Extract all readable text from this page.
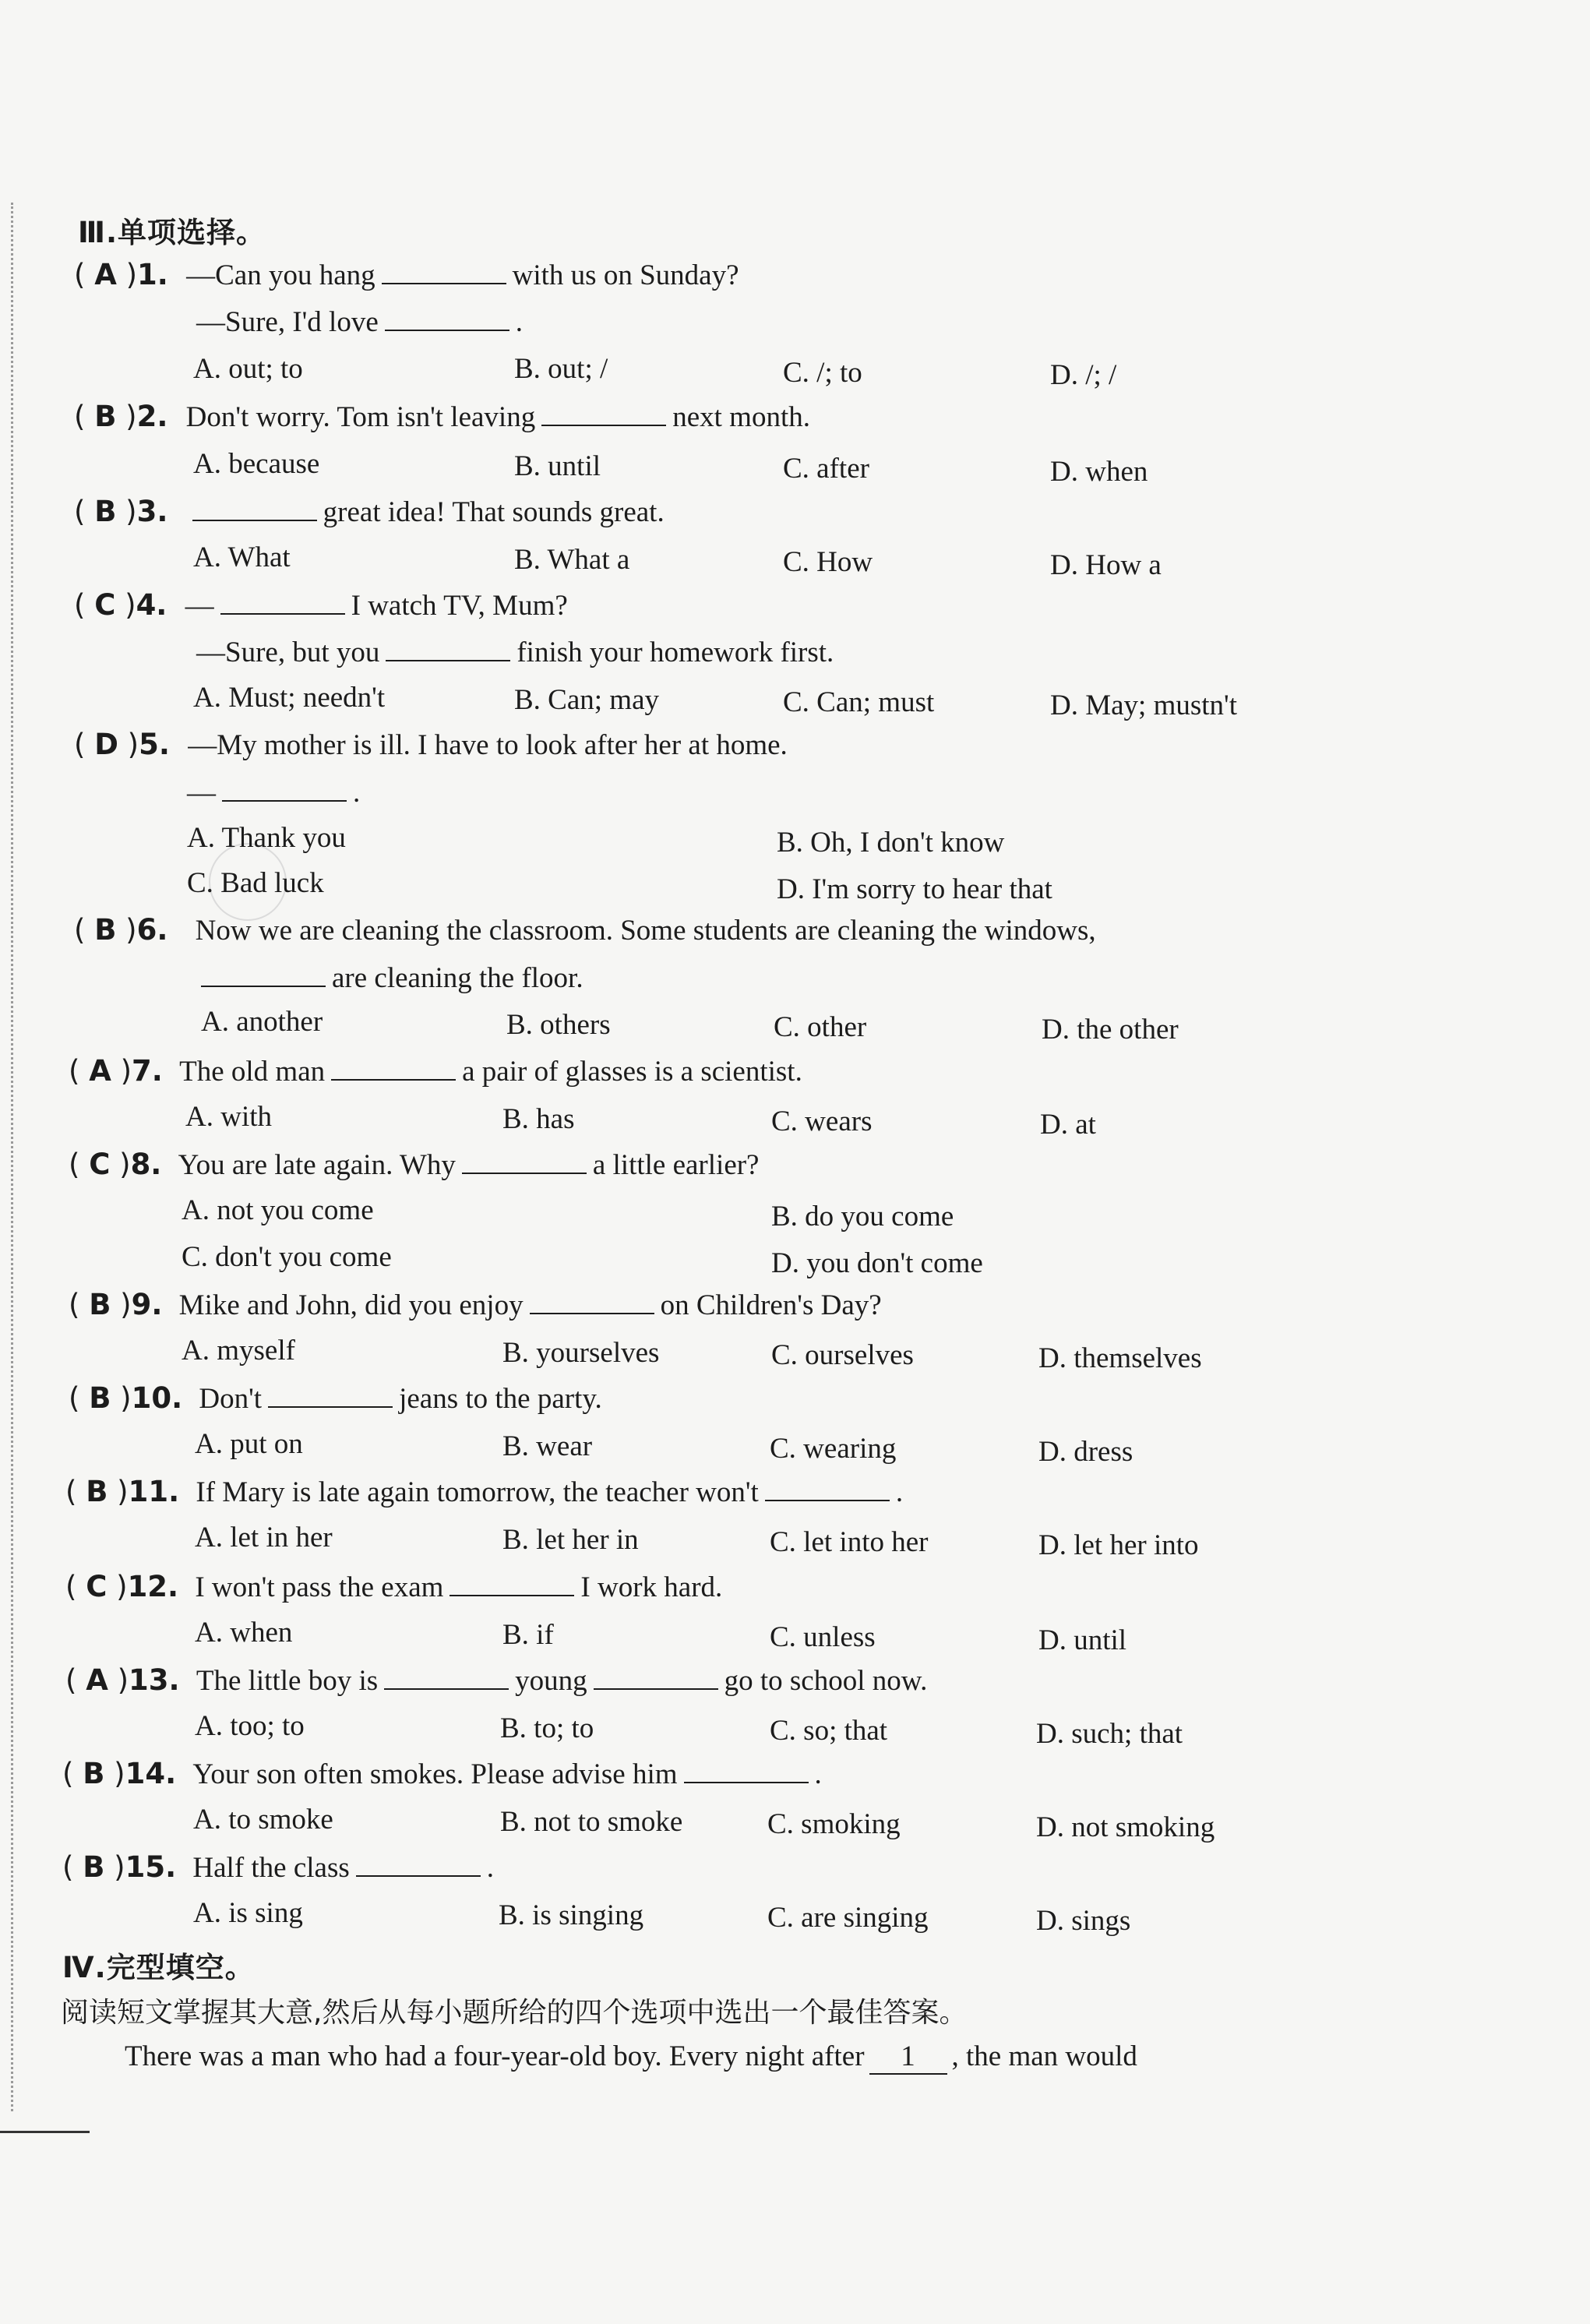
Ⅲ.单项选择。
( A )1. —Can you hang	with us on Sunday?
—Sure, I'd love	.
A. out; to	B. out; /	C. /; to	D. /; /
( B )2. Don't worry. Tom isn't leaving	next month.
A. because	B. until	C. after	D. when
( B )3.	great idea! That sounds great.
A. What	B. What a	C. How	D. How a
( C )4. —	I watch TV, Mum?
—Sure, but you	finish your homework first.
A. Must; needn't	B. Can; may	C. Can; must	D. May; mustn't
( D )5. —My mother is ill. I have to look after her at home.
—	.
A. Thank you	B. Oh, I don't know
C. Bad luck	D. I'm sorry to hear that
( B )6. Now we are cleaning the classroom. Some students are cleaning the windows,
are cleaning the floor.
A. another	B. others	C. other	D. the other
( A )7. The old man	a pair of glasses is a scientist.
A. with	B. has	C. wears	D. at
( C )8. You are late again. Why	a little earlier?
A. not you come	B. do you come
C. don't you come	D. you don't come
( B )9. Mike and John, did you enjoy	on Children's Day?
A. myself	B. yourselves	C. ourselves	D. themselves
( B )10. Don't	jeans to the party.
A. put on	B. wear	C. wearing	D. dress
( B )11. If Mary is late again tomorrow, the teacher won't	.
A. let in her	B. let her in	C. let into her	D. let her into
( C )12. I won't pass the exam	I work hard.
A. when	B. if	C. unless	D. until
( A )13. The little boy is	young	go to school now.
A. too; to	B. to; to	C. so; that	D. such; that
( B )14. Your son often smokes. Please advise him	.
A. to smoke	B. not to smoke	C. smoking	D. not smoking
( B )15. Half the class	.
A. is sing	B. is singing	C. are singing	D. sings
Ⅳ.完型填空。
阅读短文掌握其大意,然后从每小题所给的四个选项中选出一个最佳答案。
There was a man who had a four-year-old boy. Every night after 1 , the man would
